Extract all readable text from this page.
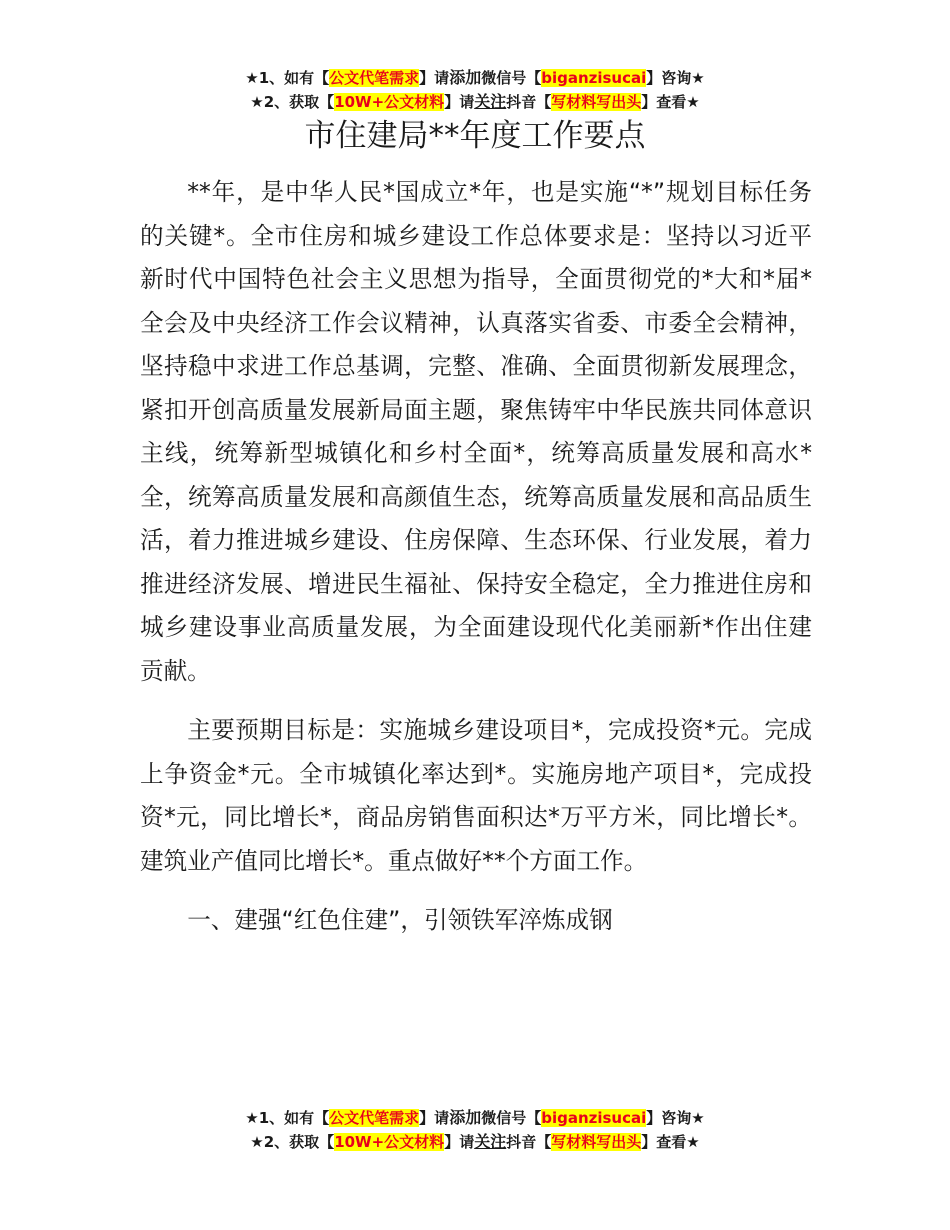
★1、如有【公文代笔需求】请添加微信号【biganzisucai】咨询★
★2、获取【10W+公文材料】请关注抖音【写材料写出头】查看★
市住建局**年度工作要点

**年，是中华人民*国成立*年，也是实施“*”规划目标任务的关键*。全市住房和城乡建设工作总体要求是：坚持以习近平新时代中国特色社会主义思想为指导，全面贯彻党的*大和*届*全会及中央经济工作会议精神，认真落实省委、市委全会精神，坚持稳中求进工作总基调，完整、准确、全面贯彻新发展理念，紧扣开创高质量发展新局面主题，聚焦铸牢中华民族共同体意识主线，统筹新型城镇化和乡村全面*，统筹高质量发展和高水*全，统筹高质量发展和高颜值生态，统筹高质量发展和高品质生活，着力推进城乡建设、住房保障、生态环保、行业发展，着力推进经济发展、增进民生福祉、保持安全稳定，全力推进住房和城乡建设事业高质量发展，为全面建设现代化美丽新*作出住建贡献。

主要预期目标是：实施城乡建设项目*，完成投资*元。完成上争资金*元。全市城镇化率达到*。实施房地产项目*，完成投资*元，同比增长*，商品房销售面积达*万平方米，同比增长*。建筑业产值同比增长*。重点做好**个方面工作。

一、建强“红色住建”，引领铁军淬炼成钢

★1、如有【公文代笔需求】请添加微信号【biganzisucai】咨询★
★2、获取【10W+公文材料】请关注抖音【写材料写出头】查看★
